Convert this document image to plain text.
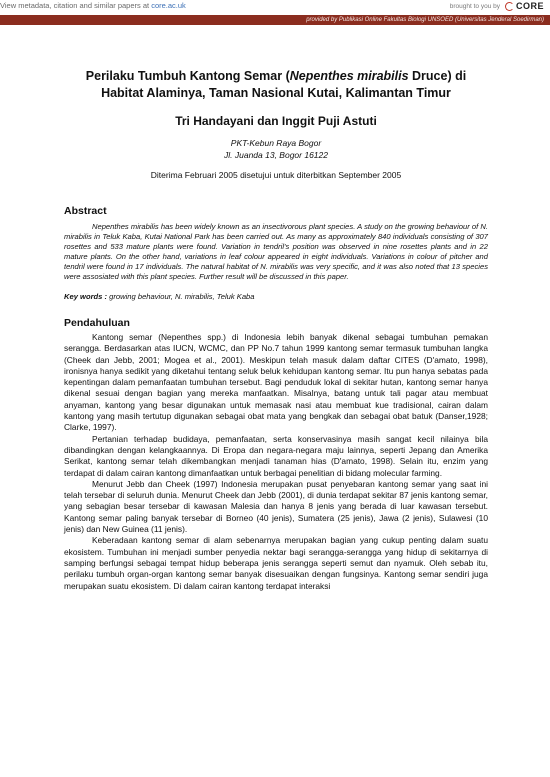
View metadata, citation and similar papers at core.ac.uk	brought to you by CORE
provided by Publikasi Online Fakultas Biologi UNSOED (Universitas Jenderal Soedirman)
Perilaku Tumbuh Kantong Semar (Nepenthes mirabilis Druce) di
Habitat Alaminya, Taman Nasional Kutai, Kalimantan Timur
Tri Handayani dan Inggit Puji Astuti
PKT-Kebun Raya Bogor
Jl. Juanda 13, Bogor 16122
Diterima Februari 2005 disetujui untuk diterbitkan September 2005
Abstract

Nepenthes mirabilis has been widely known as an insectivorous plant species. A study on the growing behaviour of N. mirabilis in Teluk Kaba, Kutai National Park has been carried out. As many as approximately 840 individuals consisting of 307 rosettes and 533 mature plants were found. Variation in tendril's position was observed in nine rosettes plants and in 22 mature plants. On the other hand, variations in leaf colour appeared in eight individuals. Variations in colour of pitcher and tendril were found in 17 individuals. The natural habitat of N. mirabilis was very specific, and it was also noted that 13 species were assosiated with this plant species. Further result will be discussed in this paper.

Key words : growing behaviour, N. mirabilis, Teluk Kaba
Pendahuluan

Kantong semar (Nepenthes spp.) di Indonesia lebih banyak dikenal sebagai tumbuhan pemakan serangga. Berdasarkan atas IUCN, WCMC, dan PP No.7 tahun 1999 kantong semar termasuk tumbuhan langka (Cheek dan Jebb, 2001; Mogea et al., 2001). Meskipun telah masuk dalam daftar CITES (D'amato, 1998), ironisnya hanya sedikit yang diketahui tentang seluk beluk kehidupan kantong semar. Itu pun hanya sebatas pada kepentingan dalam pemanfaatan tumbuhan tersebut. Bagi penduduk lokal di sekitar hutan, kantong semar hanya dikenal sesuai dengan bagian yang mereka manfaatkan. Misalnya, batang untuk tali pagar atau membuat anyaman, kantong yang besar digunakan untuk memasak nasi atau membuat kue tradisional, cairan dalam kantong yang masih tertutup digunakan sebagai obat mata yang bengkak dan sebagai obat batuk (Danser,1928; Clarke, 1997).

Pertanian terhadap budidaya, pemanfaatan, serta konservasinya masih sangat kecil nilainya bila dibandingkan dengan kelangkaannya. Di Eropa dan negara-negara maju lainnya, seperti Jepang dan Amerika Serikat, kantong semar telah dikembangkan menjadi tanaman hias (D'amato, 1998). Selain itu, enzim yang terdapat di dalam cairan kantong dimanfaatkan untuk berbagai penelitian di bidang molecular farming.

Menurut Jebb dan Cheek (1997) Indonesia merupakan pusat penyebaran kantong semar yang saat ini telah tersebar di seluruh dunia. Menurut Cheek dan Jebb (2001), di dunia terdapat sekitar 87 jenis kantong semar, yang sebagian besar tersebar di kawasan Malesia dan hanya 8 jenis yang berada di luar kawasan tersebut. Kantong semar paling banyak tersebar di Borneo (40 jenis), Sumatera (25 jenis), Jawa (2 jenis), Sulawesi (10 jenis) dan New Guinea (11 jenis).

Keberadaan kantong semar di alam sebenarnya merupakan bagian yang cukup penting dalam suatu ekosistem. Tumbuhan ini menjadi sumber penyedia nektar bagi serangga-serangga yang hidup di sekitarnya di samping berfungsi sebagai tempat hidup beberapa jenis serangga seperti semut dan nyamuk. Oleh sebab itu, perilaku tumbuh organ-organ kantong semar banyak disesuaikan dengan fungsinya. Kantong semar sendiri juga merupakan suatu ekosistem. Di dalam cairan kantong terdapat interaksi
